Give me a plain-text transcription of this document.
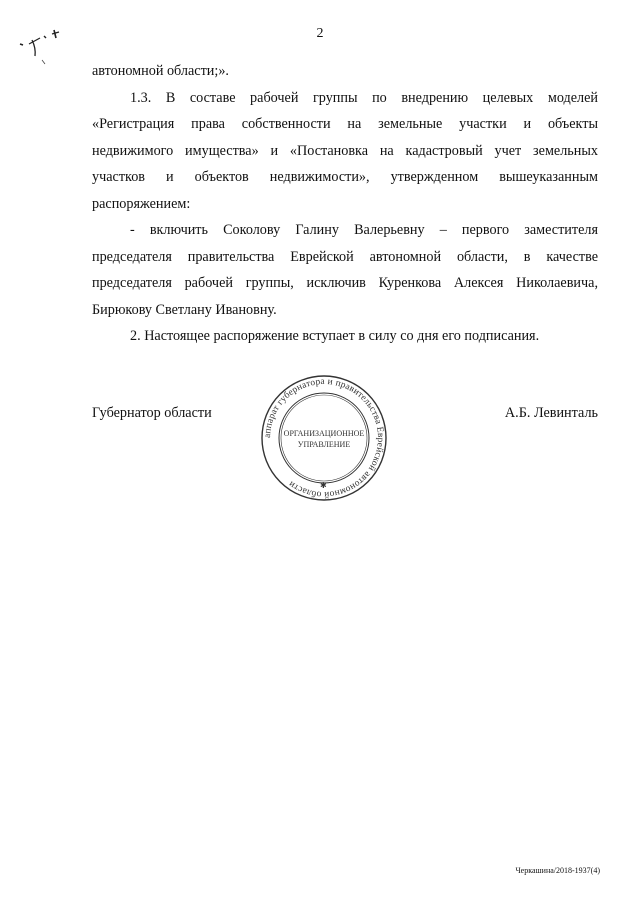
2
автономной области;».
1.3. В составе рабочей группы по внедрению целевых моделей
«Регистрация права собственности на земельные участки и объекты
недвижимого имущества» и «Постановка на кадастровый учет земельных
участков и объектов недвижимости», утвержденном вышеуказанным
распоряжением:
- включить Соколову Галину Валерьевну – первого заместителя
председателя правительства Еврейской автономной области, в качестве
председателя рабочей группы, исключив Куренкова Алексея Николаевича,
Бирюкову Светлану Ивановну.
2. Настоящее распоряжение вступает в силу со дня его подписания.
Губернатор области	А.Б. Левинталь
аппарат губернатора и правительства Еврейской автономной области
ОРГАНИЗАЦИОННОЕ
УПРАВЛЕНИЕ
✱
Черкашина/2018-1937(4)
